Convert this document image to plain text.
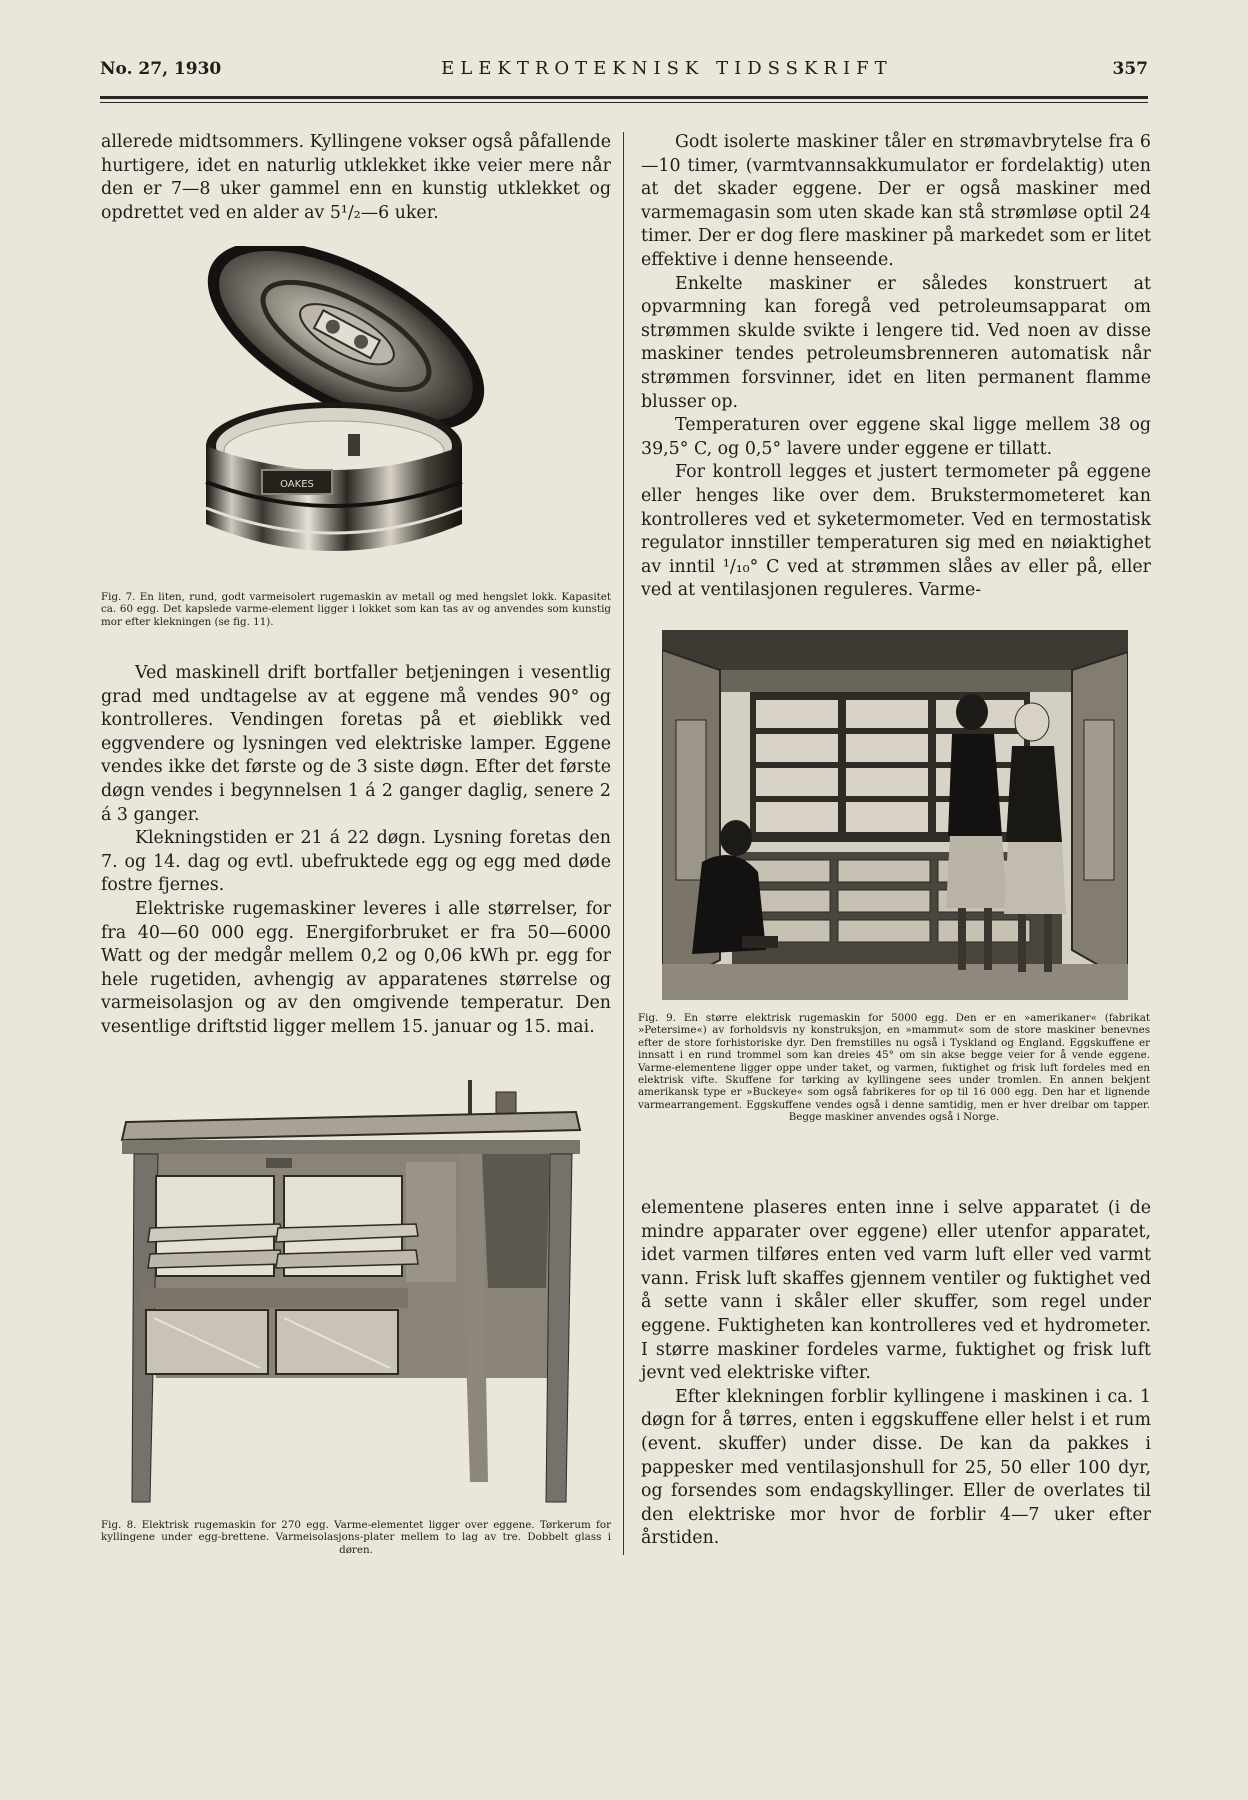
No. 27, 1930	ELEKTROTEKNISK TIDSSKRIFT	357

allerede midtsommers. Kyllingene vokser også påfallende hurtigere, idet en naturlig utklekket ikke veier mere når den er 7—8 uker gammel enn en kunstig utklekket og opdrettet ved en alder av 5¹/₂—6 uker.

OAKES
Fig. 7. En liten, rund, godt varmeisolert rugemaskin av metall og med hengslet lokk. Kapasitet ca. 60 egg. Det kapslede varme-element ligger i lokket som kan tas av og anvendes som kunstig mor efter klekningen (se fig. 11).

Ved maskinell drift bortfaller betjeningen i vesentlig grad med undtagelse av at eggene må vendes 90° og kontrolleres. Vendingen foretas på et øieblikk ved eggvendere og lysningen ved elektriske lamper. Eggene vendes ikke det første og de 3 siste døgn. Efter det første døgn vendes i begynnelsen 1 á 2 ganger daglig, senere 2 á 3 ganger.

Klekningstiden er 21 á 22 døgn. Lysning foretas den 7. og 14. dag og evtl. ubefruktede egg og egg med døde fostre fjernes.

Elektriske rugemaskiner leveres i alle størrelser, for fra 40—60 000 egg. Energiforbruket er fra 50—6000 Watt og der medgår mellem 0,2 og 0,06 kWh pr. egg for hele rugetiden, avhengig av apparatenes størrelse og varmeisolasjon og av den omgivende temperatur. Den vesentlige driftstid ligger mellem 15. januar og 15. mai.

Fig. 8. Elektrisk rugemaskin for 270 egg. Varme-elementet ligger over eggene. Tørkerum for kyllingene under egg-brettene. Varmeisolasjons-plater mellem to lag av tre. Dobbelt glass i døren.

Godt isolerte maskiner tåler en strømavbrytelse fra 6—10 timer, (varmtvannsakkumulator er fordelaktig) uten at det skader eggene. Der er også maskiner med varmemagasin som uten skade kan stå strømløse optil 24 timer. Der er dog flere maskiner på markedet som er litet effektive i denne henseende.

Enkelte maskiner er således konstruert at opvarmning kan foregå ved petroleumsapparat om strømmen skulde svikte i lengere tid. Ved noen av disse maskiner tendes petroleumsbrenneren automatisk når strømmen forsvinner, idet en liten permanent flamme blusser op.

Temperaturen over eggene skal ligge mellem 38 og 39,5° C, og 0,5° lavere under eggene er tillatt.

For kontroll legges et justert termometer på eggene eller henges like over dem. Brukstermometeret kan kontrolleres ved et syketermometer. Ved en termostatisk regulator innstiller temperaturen sig med en nøiaktighet av inntil ¹/₁₀° C ved at strømmen slåes av eller på, eller ved at ventilasjonen reguleres. Varme-

Fig. 9. En større elektrisk rugemaskin for 5000 egg. Den er en »amerikaner« (fabrikat »Petersime«) av forholdsvis ny konstruksjon, en »mammut« som de store maskiner benevnes efter de store forhistoriske dyr. Den fremstilles nu også i Tyskland og England. Eggskuffene er innsatt i en rund trommel som kan dreies 45° om sin akse begge veier for å vende eggene. Varme-elementene ligger oppe under taket, og varmen, fuktighet og frisk luft fordeles med en elektrisk vifte. Skuffene for tørking av kyllingene sees under tromlen. En annen bekjent amerikansk type er »Buckeye« som også fabrikeres for op til 16 000 egg. Den har et lignende varmearrangement. Eggskuffene vendes også i denne samtidig, men er hver dreibar om tapper. Begge maskiner anvendes også i Norge.

elementene plaseres enten inne i selve apparatet (i de mindre apparater over eggene) eller utenfor apparatet, idet varmen tilføres enten ved varm luft eller ved varmt vann. Frisk luft skaffes gjennem ventiler og fuktighet ved å sette vann i skåler eller skuffer, som regel under eggene. Fuktigheten kan kontrolleres ved et hydrometer. I større maskiner fordeles varme, fuktighet og frisk luft jevnt ved elektriske vifter.

Efter klekningen forblir kyllingene i maskinen i ca. 1 døgn for å tørres, enten i eggskuffene eller helst i et rum (event. skuffer) under disse. De kan da pakkes i pappesker med ventilasjonshull for 25, 50 eller 100 dyr, og forsendes som endagskyllinger. Eller de overlates til den elektriske mor hvor de forblir 4—7 uker efter årstiden.
